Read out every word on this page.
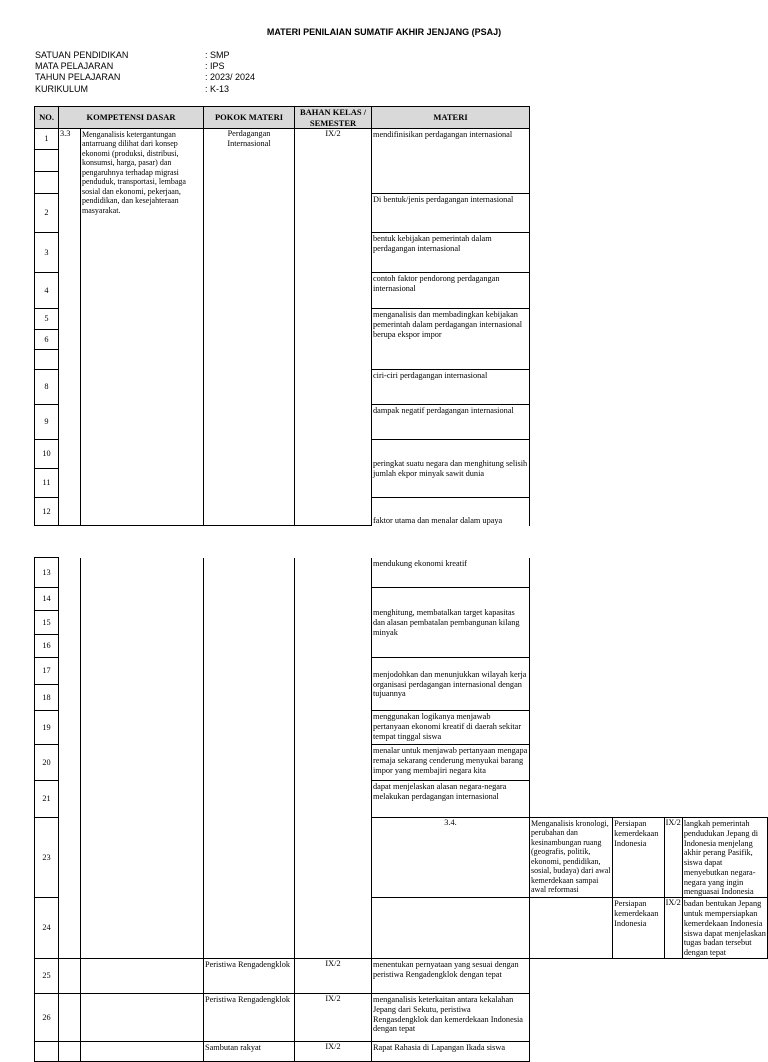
MATERI PENILAIAN SUMATIF AKHIR JENJANG (PSAJ)
SATUAN PENDIDIKAN	: SMP
MATA PELAJARAN	: IPS
TAHUN PELAJARAN	: 2023/ 2024
KURIKULUM	: K-13
NO.	KOMPETENSI DASAR		POKOK MATERI	BAHAN KELAS / SEMESTER	MATERI
1	3.3	Menganalisis ketergantungan antarruang dilihat dari konsep ekonomi (produksi, distribusi, konsumsi, harga, pasar) dan pengaruhnya terhadap migrasi penduduk, transportasi, lembaga sosial dan ekonomi, pekerjaan, pendidikan, dan kesejahteraan masyarakat.	Perdagangan Internasional	IX/2	mendifinisikan perdagangan internasional

2					Di bentuk/jenis perdagangan internasional
3					bentuk kebijakan pemerintah dalam perdagangan internasional
4					contoh faktor pendorong perdagangan internasional
5					menganalisis dan membadingkan kebijakan pemerintah dalam perdagangan internasional berupa ekspor impor
6					

8					ciri-ciri perdagangan internasional
9					dampak negatif perdagangan internasional
10					peringkat suatu negara dan menghitung selisih jumlah ekpor minyak sawit dunia
11					
12					faktor utama dan menalar dalam upaya
13					mendukung ekonomi kreatif				
14					menghitung, membatalkan target kapasitas dan alasan pembatalan pembangunan kilang minyak				
15									
16									
17					menjodohkan dan menunjukkan wilayah kerja organisasi perdagangan internasional dengan tujuannya				
18									
19					menggunakan logikanya menjawab pertanyaan ekonomi kreatif di daerah sekitar tempat tinggal siswa				
20					menalar untuk menjawab pertanyaan mengapa remaja sekarang cenderung menyukai barang impor yang membajiri negara kita				
21					dapat menjelaskan alasan negara-negara melakukan perdagangan internasional				
23					3.4.	Menganalisis kronologi, perubahan dan kesinambungan ruang (geografis, politik, ekonomi, pendidikan, sosial, budaya) dari awal kemerdekaan sampai awal reformasi	Persiapan kemerdekaan Indonesia	IX/2	langkah pemerintah pendudukan Jepang di Indonesia menjelang akhir perang Pasifik, siswa dapat menyebutkan negara-negara yang ingin menguasai Indonesia
24							Persiapan kemerdekaan Indonesia	IX/2	badan bentukan Jepang untuk mempersiapkan kemerdekaan Indonesia siswa dapat menjelaskan tugas badan tersebut dengan tepat
25			Peristiwa Rengadengklok	IX/2	menentukan pernyataan yang sesuai dengan peristiwa Rengadengklok dengan tepat				
26			Peristiwa Rengadengklok	IX/2	menganalisis keterkaitan antara kekalahan Jepang dari Sekutu, peristiwa Rengasdengklok dan kemerdekaan Indonesia dengan tepat				
			Sambutan rakyat	IX/2	Rapat Rahasia di Lapangan Ikada siswa				
